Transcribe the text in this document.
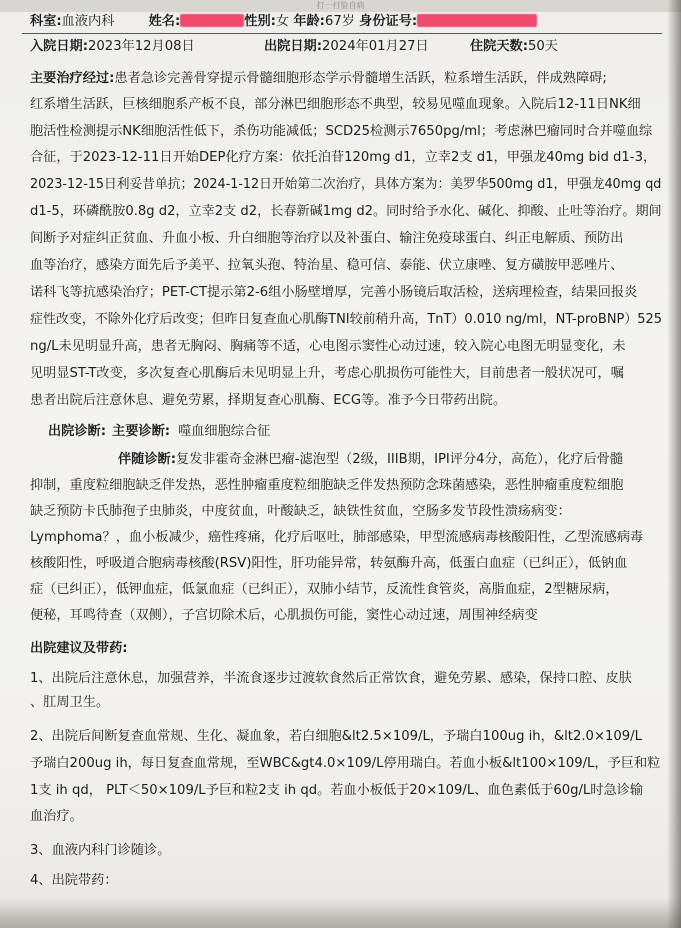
打一打验自病
科室:血液内科	姓名:	性别:女 年龄:67岁 身份证号:
入院日期:2023年12月08日	出院日期:2024年01月27日	住院天数:50天
主要治疗经过:患者急诊完善骨穿提示骨髓细胞形态学示骨髓增生活跃，粒系增生活跃，伴成熟障碍;
红系增生活跃，巨核细胞系产板不良，部分淋巴细胞形态不典型，较易见噬血现象。入院后12-11日NK细
胞活性检测提示NK细胞活性低下，杀伤功能减低；SCD25检测示7650pg/ml；考虑淋巴瘤同时合并噬血综
合征，于2023-12-11日开始DEP化疗方案：依托泊苷120mg d1，立幸2支 d1，甲强龙40mg bid d1-3，
2023-12-15日利妥昔单抗；2024-1-12日开始第二次治疗，具体方案为：美罗华500mg d1，甲强龙40mg qd
d1-5，环磷酰胺0.8g d2，立幸2支 d2，长春新碱1mg d2。同时给予水化、碱化、抑酸、止吐等治疗。期间
间断予对症纠正贫血、升血小板、升白细胞等治疗以及补蛋白、输注免疫球蛋白、纠正电解质、预防出
血等治疗，感染方面先后予美平、拉氧头孢、特治星、稳可信、泰能、伏立康唑、复方磺胺甲恶唑片、
诺科飞等抗感染治疗；PET-CT提示第2-6组小肠壁增厚，完善小肠镜后取活检，送病理检查，结果回报炎
症性改变，不除外化疗后改变；但昨日复查血心肌酶TNI较前稍升高，TnT）0.010 ng/ml，NT-proBNP）525
ng/L未见明显升高，患者无胸闷、胸痛等不适，心电图示窦性心动过速，较入院心电图无明显变化，未
见明显ST-T改变，多次复查心肌酶后未见明显上升，考虑心肌损伤可能性大，目前患者一般状况可，嘱
患者出院后注意休息、避免劳累，择期复查心肌酶、ECG等。准予今日带药出院。
出院诊断: 主要诊断: 噬血细胞综合征
伴随诊断:复发非霍奇金淋巴瘤-滤泡型（2级，IIIB期，IPI评分4分，高危），化疗后骨髓
抑制，重度粒细胞缺乏伴发热，恶性肿瘤重度粒细胞缺乏伴发热预防念珠菌感染，恶性肿瘤重度粒细胞
缺乏预防卡氏肺孢子虫肺炎，中度贫血，叶酸缺乏，缺铁性贫血，空肠多发节段性溃疡病变：
Lymphoma？，血小板减少，癌性疼痛，化疗后呕吐，肺部感染，甲型流感病毒核酸阳性，乙型流感病毒
核酸阳性，呼吸道合胞病毒核酸(RSV)阳性，肝功能异常，转氨酶升高，低蛋白血症（已纠正），低钠血
症（已纠正），低钾血症，低氯血症（已纠正），双肺小结节，反流性食管炎，高脂血症，2型糖尿病，
便秘，耳鸣待查（双侧），子宫切除术后，心肌损伤可能，窦性心动过速，周围神经病变
出院建议及带药:
1、出院后注意休息，加强营养，半流食逐步过渡软食然后正常饮食，避免劳累、感染，保持口腔、皮肤
、肛周卫生。
2、出院后间断复查血常规、生化、凝血象，若白细胞&lt2.5×109/L，予瑞白100ug ih，&lt2.0×109/L
予瑞白200ug ih，每日复查血常规，至WBC&gt4.0×109/L停用瑞白。若血小板&lt100×109/L，予巨和粒
1支 ih qd， PLT＜50×109/L予巨和粒2支 ih qd。若血小板低于20×109/L、血色素低于60g/L时急诊输
血治疗。
3、血液内科门诊随诊。
4、出院带药：
